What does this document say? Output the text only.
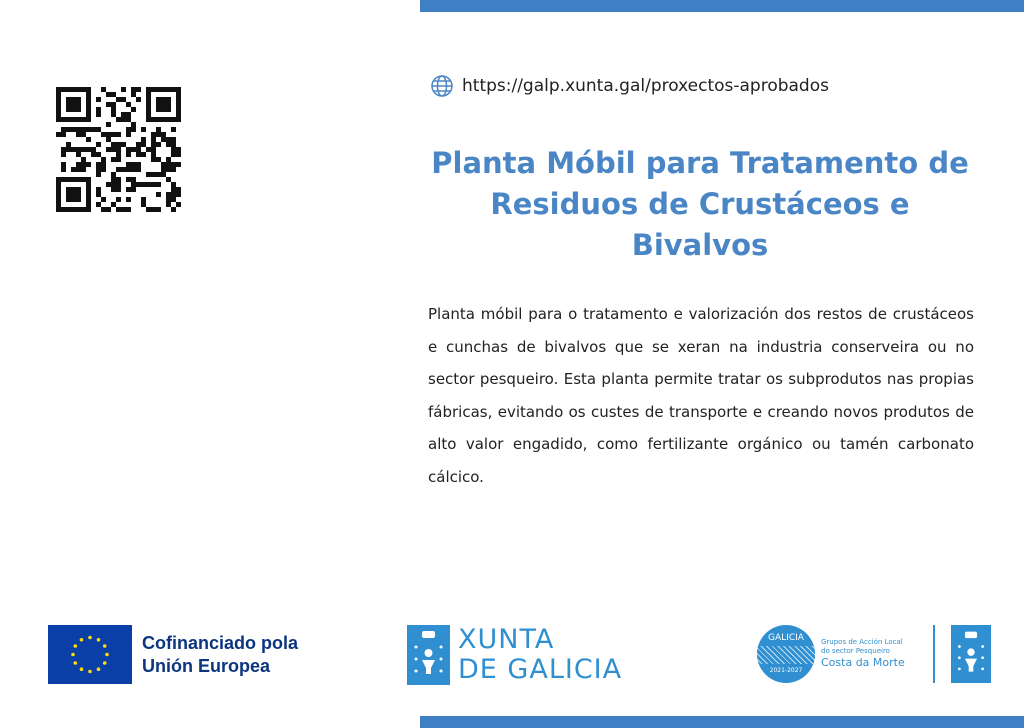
https://galp.xunta.gal/proxectos-aprobados
Planta Móbil para Tratamento de Residuos de Crustáceos e Bivalvos
Planta móbil para o tratamento e valorización dos restos de crustáceos e cunchas de bivalvos que se xeran na industria conserveira ou no sector pesqueiro. Esta planta permite tratar os subprodutos nas propias fábricas, evitando os custes de transporte e creando novos produtos de alto valor engadido, como fertilizante orgánico ou tamén carbonato cálcico.
Cofinanciado pola
Unión Europea
XUNTA
DE GALICIA
GALICIA
2021-2027
Grupos de Acción Local
do sector Pesqueiro
Costa da Morte
